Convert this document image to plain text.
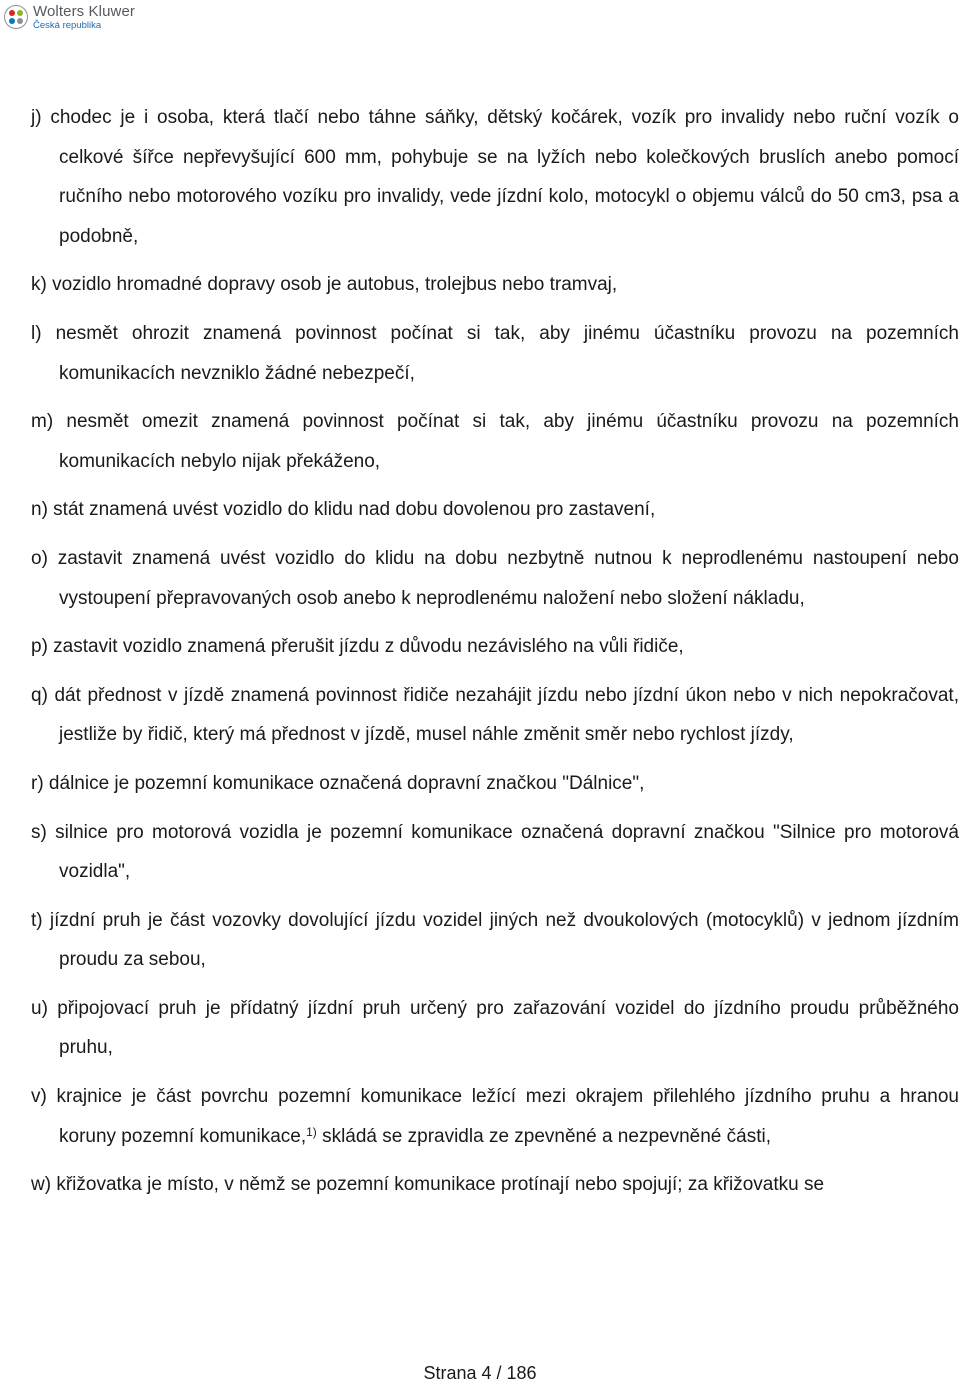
Wolters Kluwer
Česká republika

j) chodec je i osoba, která tlačí nebo táhne sáňky, dětský kočárek, vozík pro invalidy nebo ruční vozík o celkové šířce nepřevyšující 600 mm, pohybuje se na lyžích nebo kolečkových bruslích anebo pomocí ručního nebo motorového vozíku pro invalidy, vede jízdní kolo, motocykl o objemu válců do 50 cm3, psa a podobně,

k) vozidlo hromadné dopravy osob je autobus, trolejbus nebo tramvaj,

l) nesmět ohrozit znamená povinnost počínat si tak, aby jinému účastníku provozu na pozemních komunikacích nevzniklo žádné nebezpečí,

m) nesmět omezit znamená povinnost počínat si tak, aby jinému účastníku provozu na pozemních komunikacích nebylo nijak překáženo,

n) stát znamená uvést vozidlo do klidu nad dobu dovolenou pro zastavení,

o) zastavit znamená uvést vozidlo do klidu na dobu nezbytně nutnou k neprodlenému nastoupení nebo vystoupení přepravovaných osob anebo k neprodlenému naložení nebo složení nákladu,

p) zastavit vozidlo znamená přerušit jízdu z důvodu nezávislého na vůli řidiče,

q) dát přednost v jízdě znamená povinnost řidiče nezahájit jízdu nebo jízdní úkon nebo v nich nepokračovat, jestliže by řidič, který má přednost v jízdě, musel náhle změnit směr nebo rychlost jízdy,

r) dálnice je pozemní komunikace označená dopravní značkou "Dálnice",

s) silnice pro motorová vozidla je pozemní komunikace označená dopravní značkou "Silnice pro motorová vozidla",

t) jízdní pruh je část vozovky dovolující jízdu vozidel jiných než dvoukolových (motocyklů) v jednom jízdním proudu za sebou,

u) připojovací pruh je přídatný jízdní pruh určený pro zařazování vozidel do jízdního proudu průběžného pruhu,

v) krajnice je část povrchu pozemní komunikace ležící mezi okrajem přilehlého jízdního pruhu a hranou koruny pozemní komunikace,$^{1)}$ skládá se zpravidla ze zpevněné a nezpevněné části,

w) křižovatka je místo, v němž se pozemní komunikace protínají nebo spojují; za křižovatku se

Strana 4 / 186
